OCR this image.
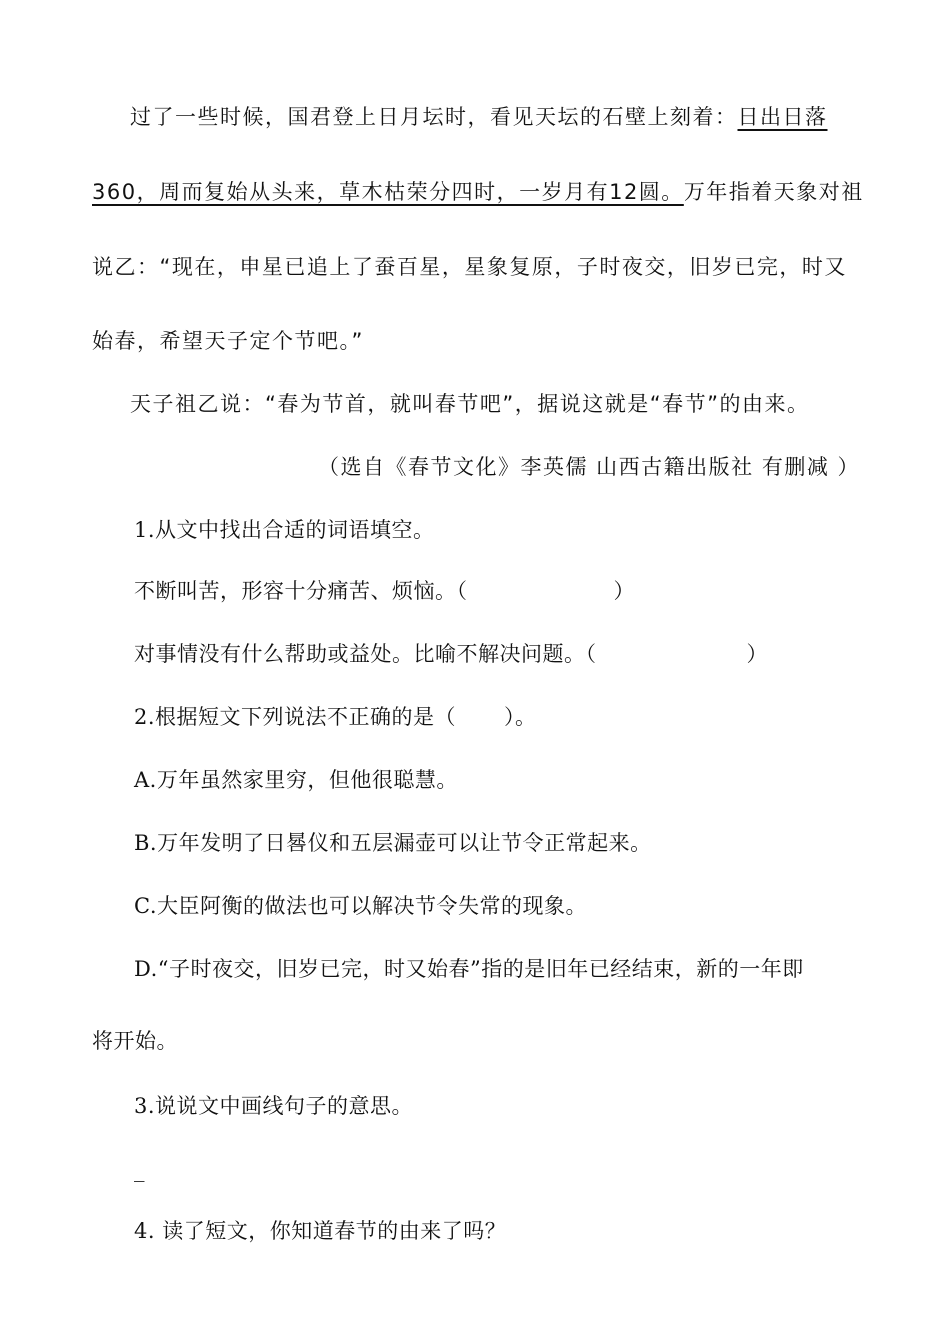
过了一些时候，国君登上日月坛时，看见天坛的石壁上刻着：日出日落
360，周而复始从头来，草木枯荣分四时，一岁月有12圆。万年指着天象对祖
说乙：“现在，申星已追上了蚕百星，星象复原，子时夜交，旧岁已完，时又
始春，希望天子定个节吧。”
天子祖乙说：“春为节首，就叫春节吧”，据说这就是“春节”的由来。
（选自《春节文化》李英儒 山西古籍出版社 有删减 ）
1.从文中找出合适的词语填空。
不断叫苦，形容十分痛苦、烦恼。（	）
对事情没有什么帮助或益处。比喻不解决问题。（	）
2.根据短文下列说法不正确的是（ ）。
A.万年虽然家里穷，但他很聪慧。
B.万年发明了日晷仪和五层漏壶可以让节令正常起来。
C.大臣阿衡的做法也可以解决节令失常的现象。
D.“子时夜交，旧岁已完，时又始春”指的是旧年已经结束，新的一年即
将开始。
3.说说文中画线句子的意思。
_
4. 读了短文，你知道春节的由来了吗？
